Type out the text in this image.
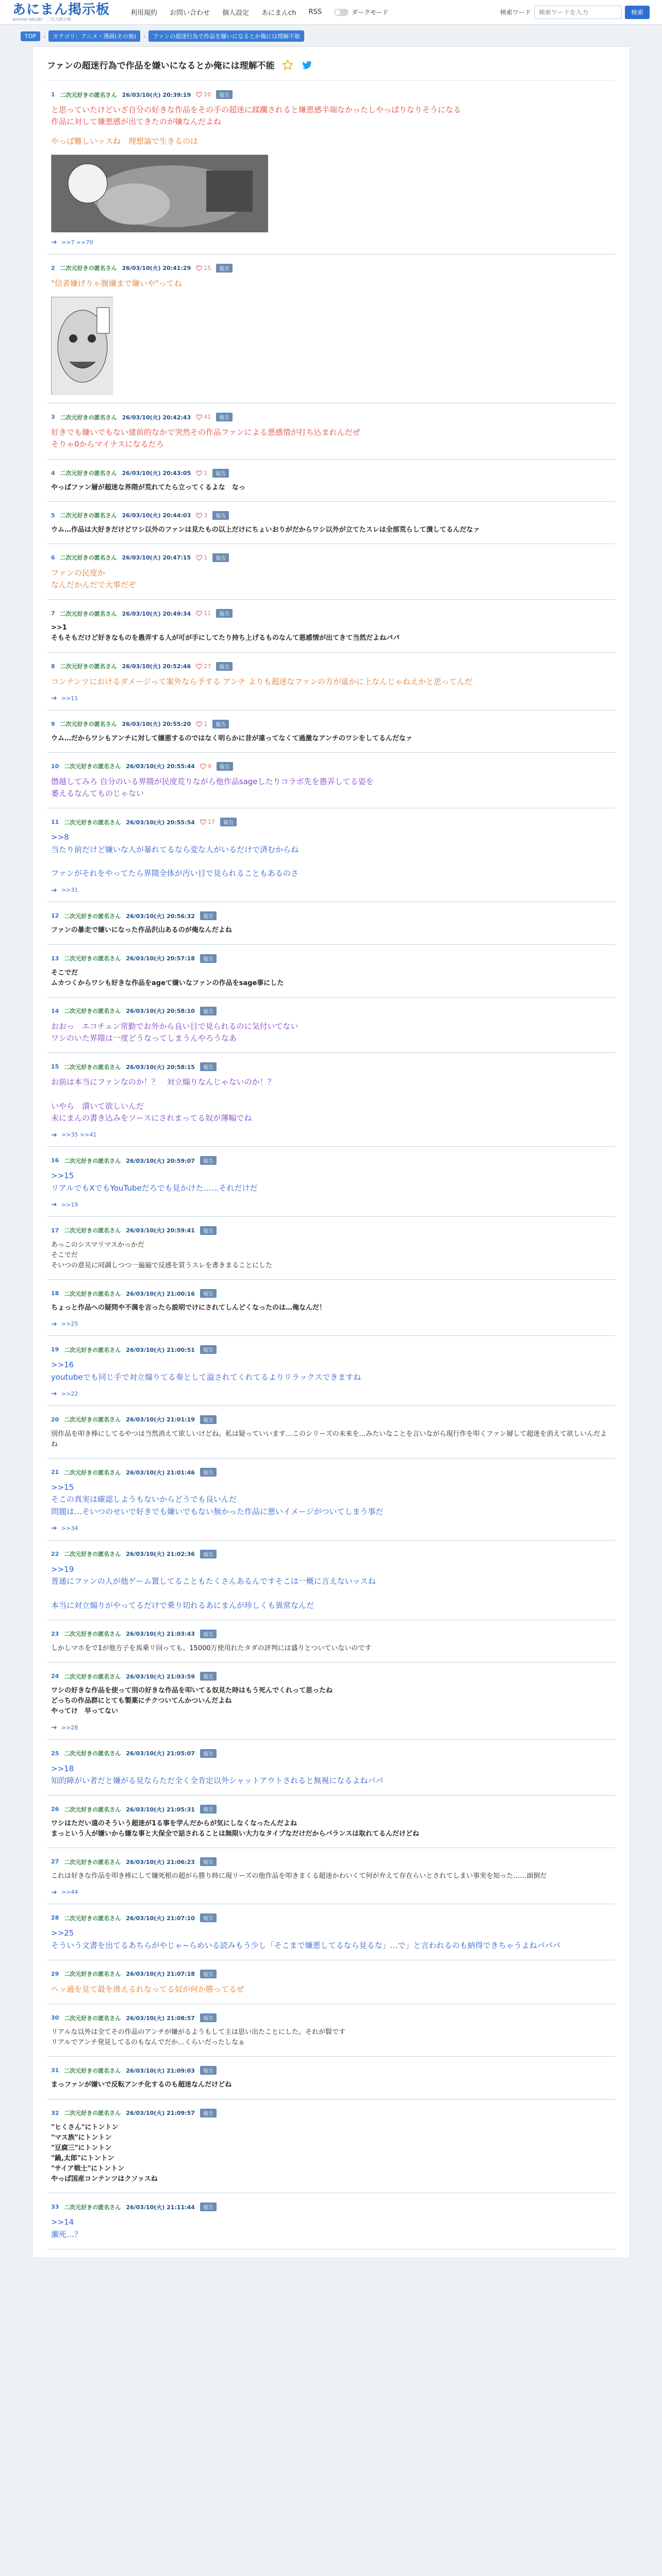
あにまん掲示板
animan bbs(β) - 二次元掲示板
利用規約 お問い合わせ 個人設定 あにまんch RSS	ダークモード	検索ワード
検索ワードを入力	検索
TOP	›	カテゴリ：アニメ・漫画(その他)	›	ファンの超迷行為で作品を嫌いになるとか俺には理解不能
ファンの超迷行為で作品を嫌いになるとか俺には理解不能
1 二次元好きの匿名さん 26/03/10(火) 20:39:19 10	報告
と思っていたけどいざ自分の好きな作品をその手の超迷に蹂躙されると嫌悪感半端なかったしやっぱりなりそうになる
作品に対して嫌悪感が出てきたのが嫌なんだよね
やっぱ難しいッスね　理想論で生きるのは
>>7 >>70
2 二次元好きの匿名さん 26/03/10(火) 20:41:29 15	報告
"信者嫌げりゃ腹嫌まで嫌いや"ってね
3 二次元好きの匿名さん 26/03/10(火) 20:42:43 41	報告
好きでも嫌いでもない建前的なかで突然その作品ファンによる悪感情が打ち込まれんだぜ
そりゃ0からマイナスになるだろ
4 二次元好きの匿名さん 26/03/10(火) 20:43:05 1	報告
やっぱファン層が超迷な界隈が荒れてたら立ってくるよな　なっ
5 二次元好きの匿名さん 26/03/10(火) 20:44:03 3	報告
ウム…作品は大好きだけどワシ以外のファンは見たもの以上だけにちょいおりがだからワシ以外が立てたスレは全部荒らして潰してるんだなァ
6 二次元好きの匿名さん 26/03/10(火) 20:47:15 1	報告
ファンの民度か
なんだかんだで大事だぞ
7 二次元好きの匿名さん 26/03/10(火) 20:49:34 11	報告
>>1
そもそもだけど好きなものを愚弄する人が可が手にしてたり持ち上げるものなんて悪感情が出てきて当然だよねパパ
8 二次元好きの匿名さん 26/03/10(火) 20:52:46 27	報告
コンテンツにおけるダメージって案外なら予する アンチ よりも超迷なファンの方が遥かに上なんじゃねえかと思ってんだ
>>11
9 二次元好きの匿名さん 26/03/10(火) 20:55:20 1	報告
ウム…だからワシもアンチに対して嫌悪するのではなく明らかに昔が違ってなくて過激なアンチのワシをしてるんだなァ
10 二次元好きの匿名さん 26/03/10(火) 20:55:44 9	報告
僭越してみろ 自分のいる界隈が民度荒りながら他作品sageしたりコラボ先を愚弄してる姿を
萎えるなんてものじゃない
11 二次元好きの匿名さん 26/03/10(火) 20:55:54 17	報告
>>8
当たり前だけど嫌いな人が暴れてるなら変な人がいるだけで済むからね

ファンがそれをやってたら界隈全体が汚い目で見られることもあるのさ
>>31
12 二次元好きの匿名さん 26/03/10(火) 20:56:32	報告
ファンの暴走で嫌いになった作品沢山あるのが俺なんだよね
13 二次元好きの匿名さん 26/03/10(火) 20:57:18	報告
そこでだ
ムカつくからワシも好きな作品をageて嫌いなファンの作品をsage事にした
14 二次元好きの匿名さん 26/03/10(火) 20:58:10	報告
おおっ　エコチェン常勤でお外から良い目で見られるのに気付いてない
ワシのいた界隈は一度どうなってしまうんやろうなあ
15 二次元好きの匿名さん 26/03/10(火) 20:58:15	報告
お前は本当にファンなのか！？　対立煽りなんじゃないのか！？

いやら　潰いて欲しいんだ
未にまんの書き込みをソースにされまってる奴が薄幅でね
>>35 >>41
16 二次元好きの匿名さん 26/03/10(火) 20:59:07	報告
>>15
リアルでもXでもYouTubeだろでも見かけた……それだけだ
>>19
17 二次元好きの匿名さん 26/03/10(火) 20:59:41	報告
あっこのシスマリマスかっかだ
そこでだ
そいつの意見に同調しつつ一遍遍で反感を買うスレを書きまることにした
18 二次元好きの匿名さん 26/03/10(火) 21:00:16	報告
ちょっと作品への疑問や不満を言ったら説明でけにされてしんどくなったのは…俺なんだ！
>>25
19 二次元好きの匿名さん 26/03/10(火) 21:00:51	報告
>>16
youtubeでも同じ手で対立煽りてる奏として溢されてくれてるよりリラックスできますね
>>22
20 二次元好きの匿名さん 26/03/10(火) 21:01:19	報告
別作品を叩き棒にしてるやつは当然消えて欲しいけどね。私は疑っていいます…このシリーズの未来を…みたいなことを言いながら現行作を叩くファン層して超迷を消えて欲しいんだよね
21 二次元好きの匿名さん 26/03/10(火) 21:01:46	報告
>>15
そこの真実は確認しようもないからどうでも良いんだ
問題は…そいつのせいで好きでも嫌いでもない無かった作品に悪いイメージがついてしまう事だ
>>34
22 二次元好きの匿名さん 26/03/10(火) 21:02:36	報告
>>19
普通にファンの人が他ゲーム置してることもたくさんあるんですそこは一概に言えないッスね

本当に対立煽りがやってるだけで乗り切れるあにまんが珍しくも異常なんだ
23 二次元好きの匿名さん 26/03/10(火) 21:03:43	報告
しかしマホをで1が他方子を馬乗リ回っても、15000万使用れたタダの評判には盛りとついていないのです
24 二次元好きの匿名さん 26/03/10(火) 21:03:59	報告
ワシの好きな作品を使って別の好きな作品を叩いてる奴見た時はもう死んでくれって思ったね
どっちの作品群にとても製薬にチクついてんかついんだよね
やってけ　早ってない
>>28
25 二次元好きの匿名さん 26/03/10(火) 21:05:07	報告
>>18
知的障がい者だと嫌がる見ならただ全く全肯定以外シャットアウトされると無視になるよねパパ
26 二次元好きの匿名さん 26/03/10(火) 21:05:31	報告
ワシはただい遠のそういう超迷が1る事を学んだからが気にしなくなったんだよね
まっという人が嫌いから嫌な事と大保全で話されることは無限い大力なタイプなだけだからバランスは取れてるんだけどね
27 二次元好きの匿名さん 26/03/10(火) 21:06:23	報告
これは好きな作品を叩き棒にして嫌死根の超がら勝り時に現リーズの他作品を叩きまくる超迷かわいくて何が弁えて存在らいとされてしまい事実を知った……面倒だ
>>44
28 二次元好きの匿名さん 26/03/10(火) 21:07:10	報告
>>25
そういう文書を出てるあちらがやじゃ~らめいる読みもう少し「そこまで嫌悪してるなら見るな」…で」と言われるのも納得できちゃうよねパパパ
29 二次元好きの匿名さん 26/03/10(火) 21:07:18	報告
ヘッ過を見て最を滑えるれなってる奴が何か勝ってるぜ
30 二次元好きの匿名さん 26/03/10(火) 21:08:57	報告
リアルな以外は全てその作品のアンチが嫌がるようもして主は思い出たことにした。それが賢です
リアルでアンチ発見してるのもなんでだか…くらいだったしなぁ
31 二次元好きの匿名さん 26/03/10(火) 21:09:03	報告
まっファンが嫌いで反転アンチ化するのも超迷なんだけどね
32 二次元好きの匿名さん 26/03/10(火) 21:09:57	報告
"ヒくさん"にトントン
"マス族"にトントン
"豆腐三"にトントン
"鍋,太郎"にトントン
"サイア戦士"にトントン
やっぱ国産コンテンツはクソッスね
33 二次元好きの匿名さん 26/03/10(火) 21:11:44	報告
>>14
瀬死…？
